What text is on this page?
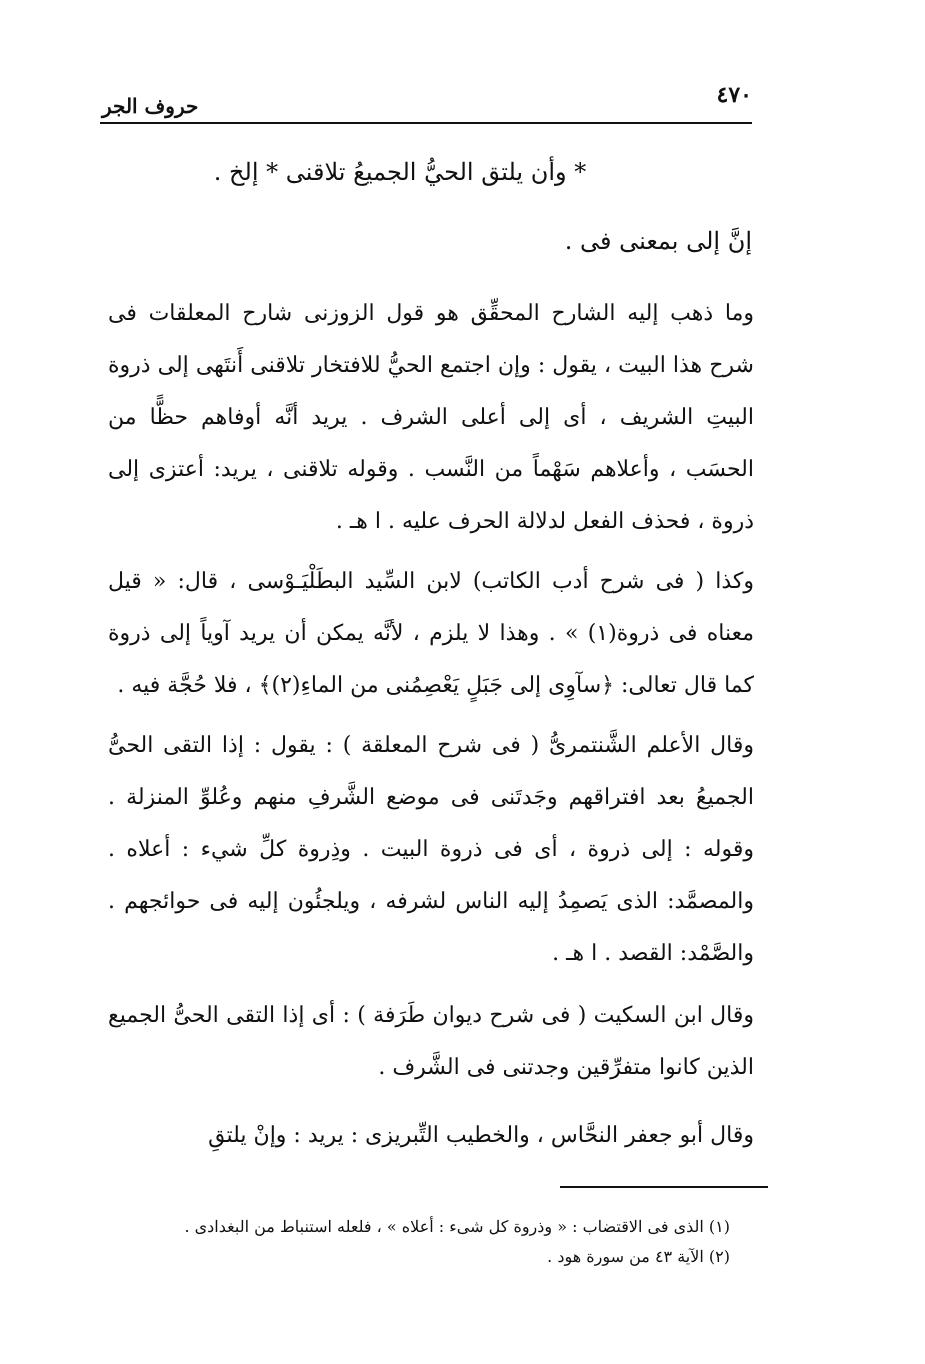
٤٧٠
حروف الجر
* وأن يلتق الحيُّ الجميعُ تلاقنى * إلخ .
إنَّ إلى بمعنى فى .

وما ذهب إليه الشارح المحقِّق هو قول الزوزنى شارح المعلقات فى شرح هذا البيت ، يقول : وإن اجتمع الحيُّ للافتخار تلاقنى أَنتَهى إلى ذروة البيتِ الشريف ، أى إلى أعلى الشرف . يريد أنَّه أوفاهم حظًّا من الحسَب ، وأعلاهم سَهْماً من النَّسب . وقوله تلاقنى ، يريد: أعتزى إلى ذروة ، فحذف الفعل لدلالة الحرف عليه . ا هـ .

وكذا ( فى شرح أدب الكاتب) لابن السِّيد البطَلْيَـوْسى ، قال: « قيل معناه فى ذروة(١) » . وهذا لا يلزم ، لأنَّه يمكن أن يريد آوياً إلى ذروة كما قال تعالى: ﴿سآوِى إلى جَبَلٍ يَعْصِمُنى من الماءِ(٢)﴾ ، فلا حُجَّة فيه .

وقال الأعلم الشَّنتمرىُّ ( فى شرح المعلقة ) : يقول : إذا التقى الحىُّ الجميعُ بعد افتراقهم وجَدتَنى فى موضع الشَّرفِ منهم وعُلوِّ المنزلة . وقوله : إلى ذروة ، أى فى ذروة البيت . وذِروة كلِّ شيء : أعلاه . والمصمَّد: الذى يَصمِدُ إليه الناس لشرفه ، ويلجئُون إليه فى حوائجهم . والصَّمْد: القصد . ا هـ .

وقال ابن السكيت ( فى شرح ديوان طَرَفة ) : أى إذا التقى الحىُّ الجميع الذين كانوا متفرِّقين وجدتنى فى الشَّرف .

وقال أبو جعفر النحَّاس ، والخطيب التِّبريزى : يريد : وإنْ يلتقِ

(١) الذى فى الاقتضاب : « وذروة كل شىء : أعلاه » ، فلعله استنباط من البغدادى .

(٢) الآية ٤٣ من سورة هود .
